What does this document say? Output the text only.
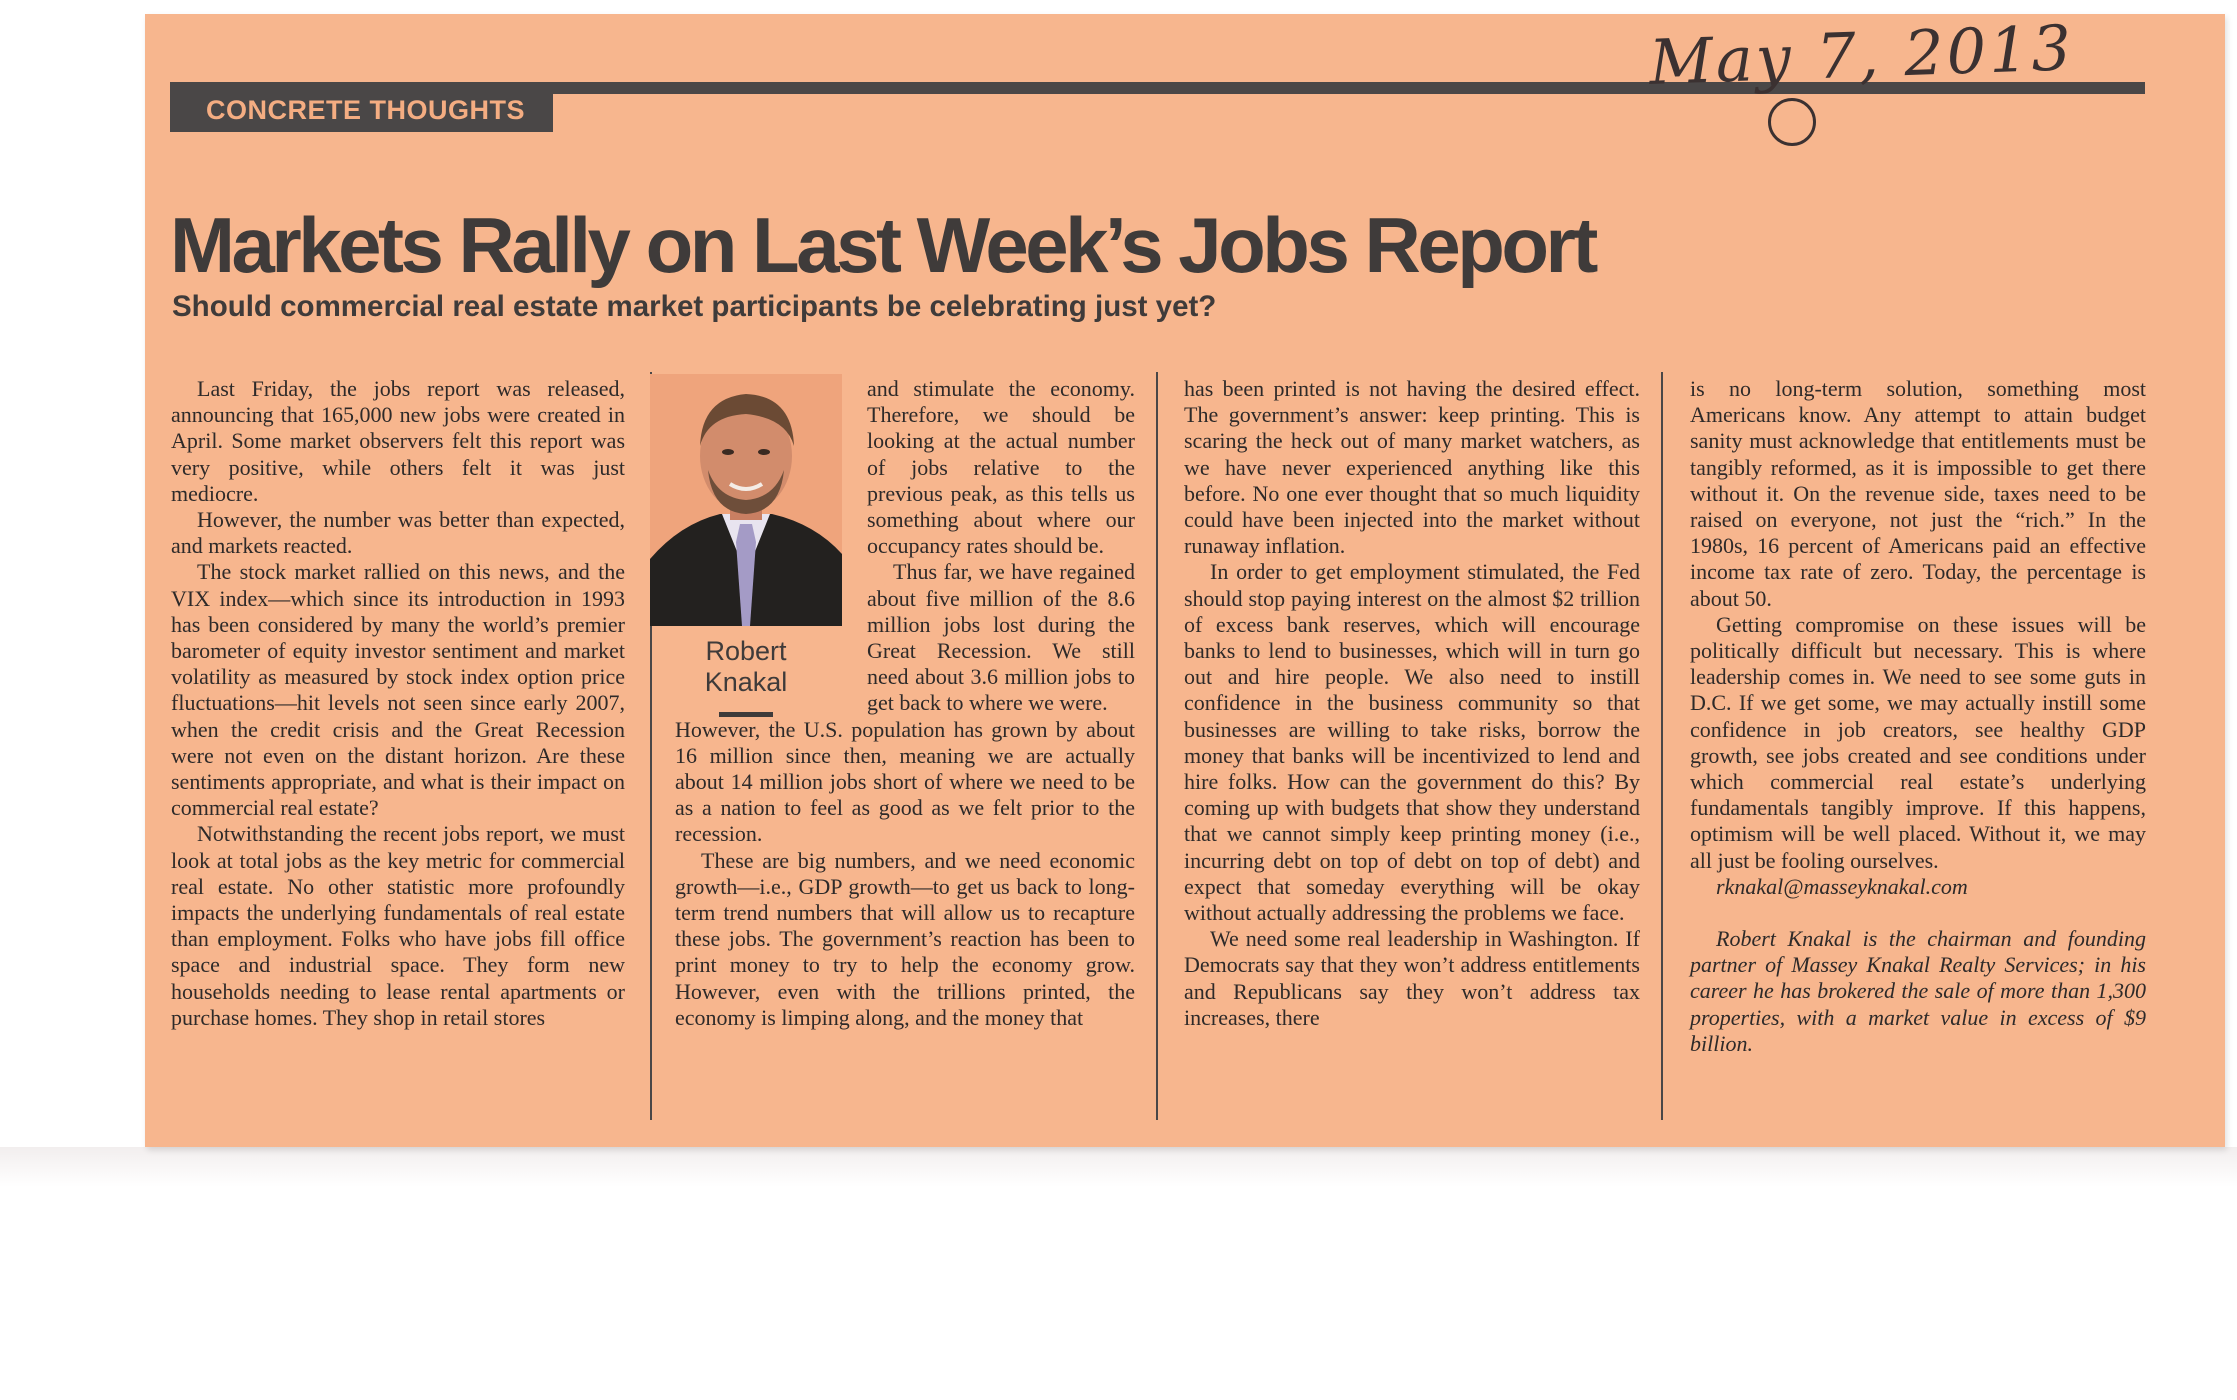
CONCRETE THOUGHTS
May 7, 2013
Markets Rally on Last Week’s Jobs Report
Should commercial real estate market participants be celebrating just yet?

Last Friday, the jobs report was released, announcing that 165,000 new jobs were created in April. Some market observers felt this report was very positive, while others felt it was just mediocre.

However, the number was better than expected, and markets reacted.

The stock market rallied on this news, and the VIX index—which since its introduction in 1993 has been considered by many the world’s premier barometer of equity investor sentiment and market volatility as measured by stock index option price fluctuations—hit levels not seen since early 2007, when the credit crisis and the Great Recession were not even on the distant horizon. Are these sentiments appropriate, and what is their impact on commercial real estate?

Notwithstanding the recent jobs report, we must look at total jobs as the key metric for commercial real estate. No other statistic more profoundly impacts the underlying fundamentals of real estate than employment. Folks who have jobs fill office space and industrial space. They form new households needing to lease rental apartments or purchase homes. They shop in retail stores

Robert
Knakal

and stimulate the economy. Therefore, we should be looking at the actual number of jobs relative to the previous peak, as this tells us something about where our occupancy rates should be.

Thus far, we have regained about five million of the 8.6 million jobs lost during the Great Recession. We still need about 3.6 million jobs to get back to where we were.

However, the U.S. population has grown by about 16 million since then, meaning we are actually about 14 million jobs short of where we need to be as a nation to feel as good as we felt prior to the recession.

These are big numbers, and we need economic growth—i.e., GDP growth—to get us back to long-term trend numbers that will allow us to recapture these jobs. The government’s reaction has been to print money to try to help the economy grow. However, even with the trillions printed, the economy is limping along, and the money that

has been printed is not having the desired effect. The government’s answer: keep printing. This is scaring the heck out of many market watchers, as we have never experienced anything like this before. No one ever thought that so much liquidity could have been injected into the market without runaway inflation.

In order to get employment stimulated, the Fed should stop paying interest on the almost $2 trillion of excess bank reserves, which will encourage banks to lend to businesses, which will in turn go out and hire people. We also need to instill confidence in the business community so that businesses are willing to take risks, borrow the money that banks will be incentivized to lend and hire folks. How can the government do this? By coming up with budgets that show they understand that we cannot simply keep printing money (i.e., incurring debt on top of debt on top of debt) and expect that someday everything will be okay without actually addressing the problems we face.

We need some real leadership in Washington. If Democrats say that they won’t address entitlements and Republicans say they won’t address tax increases, there

is no long-term solution, something most Americans know. Any attempt to attain budget sanity must acknowledge that entitlements must be tangibly reformed, as it is impossible to get there without it. On the revenue side, taxes need to be raised on everyone, not just the “rich.” In the 1980s, 16 percent of Americans paid an effective income tax rate of zero. Today, the percentage is about 50.

Getting compromise on these issues will be politically difficult but necessary. This is where leadership comes in. We need to see some guts in D.C. If we get some, we may actually instill some confidence in job creators, see healthy GDP growth, see jobs created and see conditions under which commercial real estate’s underlying fundamentals tangibly improve. If this happens, optimism will be well placed. Without it, we may all just be fooling ourselves.

rknakal@masseyknakal.com

Robert Knakal is the chairman and founding partner of Massey Knakal Realty Services; in his career he has brokered the sale of more than 1,300 properties, with a market value in excess of $9 billion.
